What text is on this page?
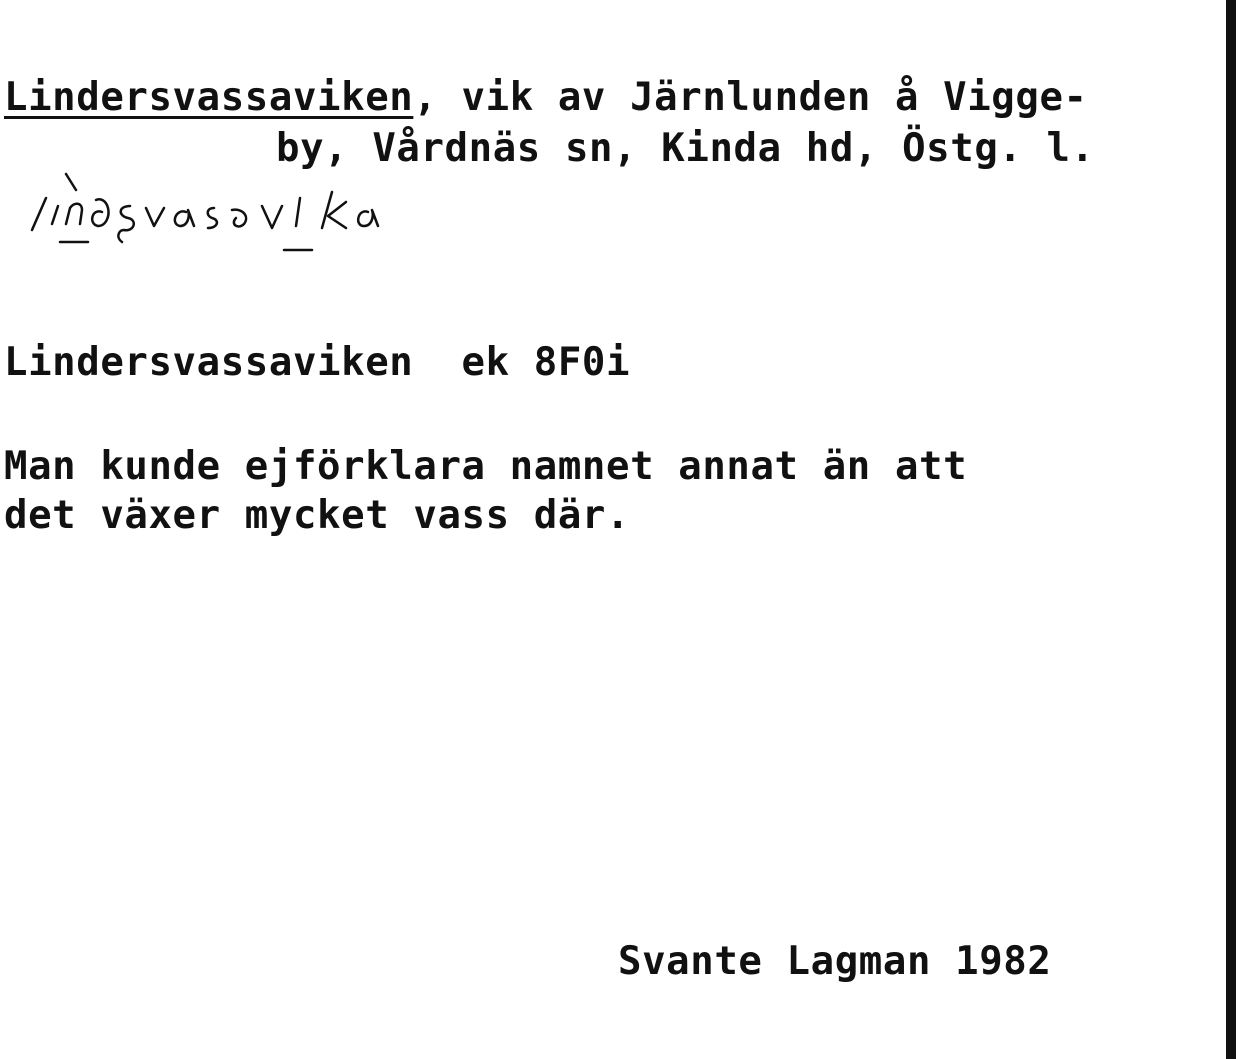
Lindersvassaviken, vik av Järnlunden å Vigge-
by, Vårdnäs sn, Kinda hd, Östg. l.
Lindersvassaviken  ek 8F0i
Man kunde ejförklara namnet annat än att
det växer mycket vass där.
Svante Lagman 1982
